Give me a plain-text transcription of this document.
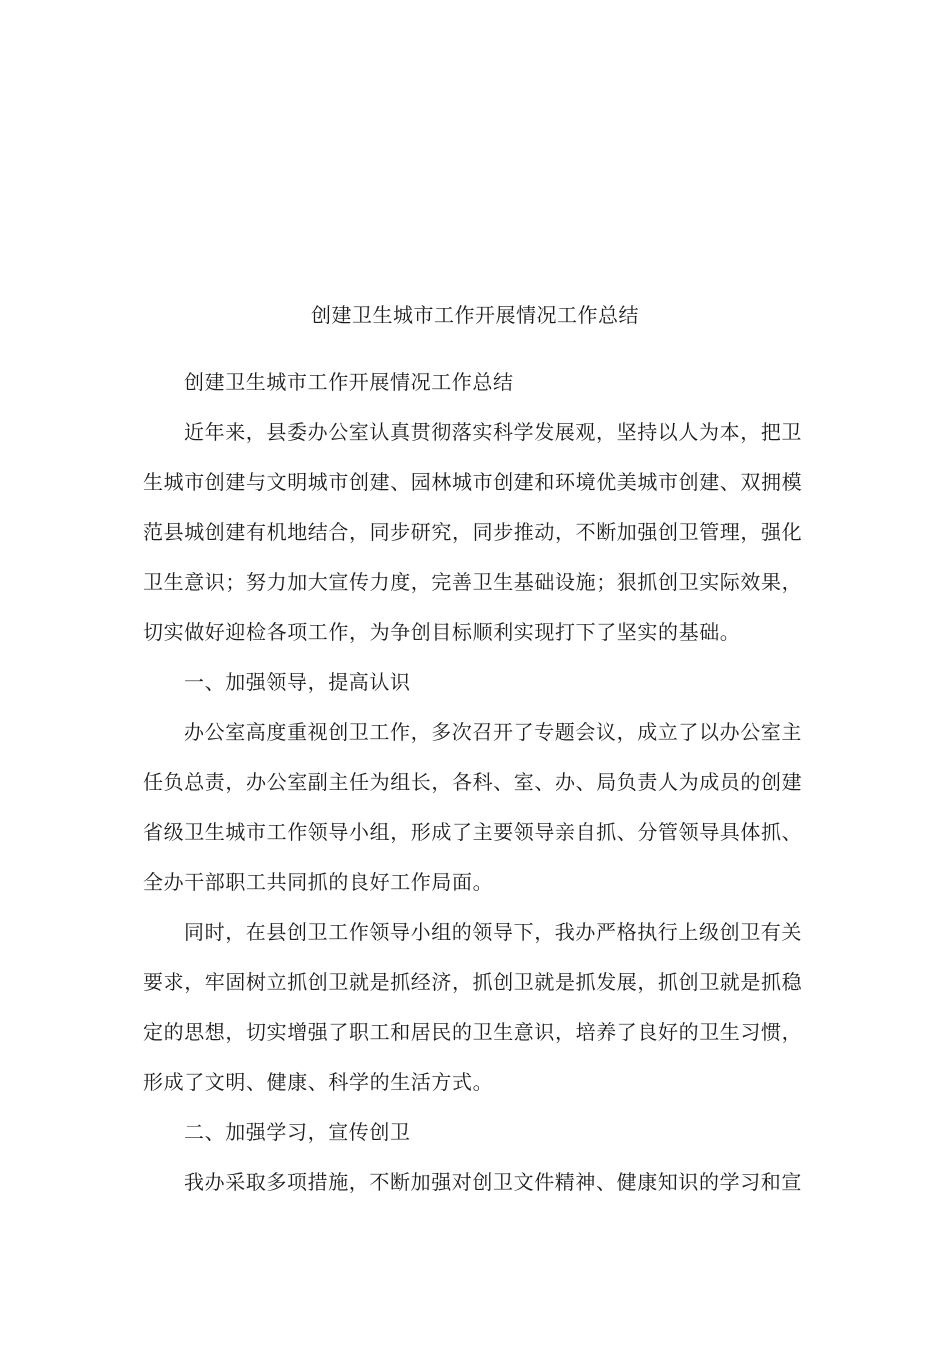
创建卫生城市工作开展情况工作总结
创建卫生城市工作开展情况工作总结
近年来，县委办公室认真贯彻落实科学发展观，坚持以人为本，把卫
生城市创建与文明城市创建、园林城市创建和环境优美城市创建、双拥模
范县城创建有机地结合，同步研究，同步推动，不断加强创卫管理，强化
卫生意识；努力加大宣传力度，完善卫生基础设施；狠抓创卫实际效果，
切实做好迎检各项工作，为争创目标顺利实现打下了坚实的基础。
一、加强领导，提高认识
办公室高度重视创卫工作，多次召开了专题会议，成立了以办公室主
任负总责，办公室副主任为组长，各科、室、办、局负责人为成员的创建
省级卫生城市工作领导小组，形成了主要领导亲自抓、分管领导具体抓、
全办干部职工共同抓的良好工作局面。
同时，在县创卫工作领导小组的领导下，我办严格执行上级创卫有关
要求，牢固树立抓创卫就是抓经济，抓创卫就是抓发展，抓创卫就是抓稳
定的思想，切实增强了职工和居民的卫生意识，培养了良好的卫生习惯，
形成了文明、健康、科学的生活方式。
二、加强学习，宣传创卫
我办采取多项措施，不断加强对创卫文件精神、健康知识的学习和宣
